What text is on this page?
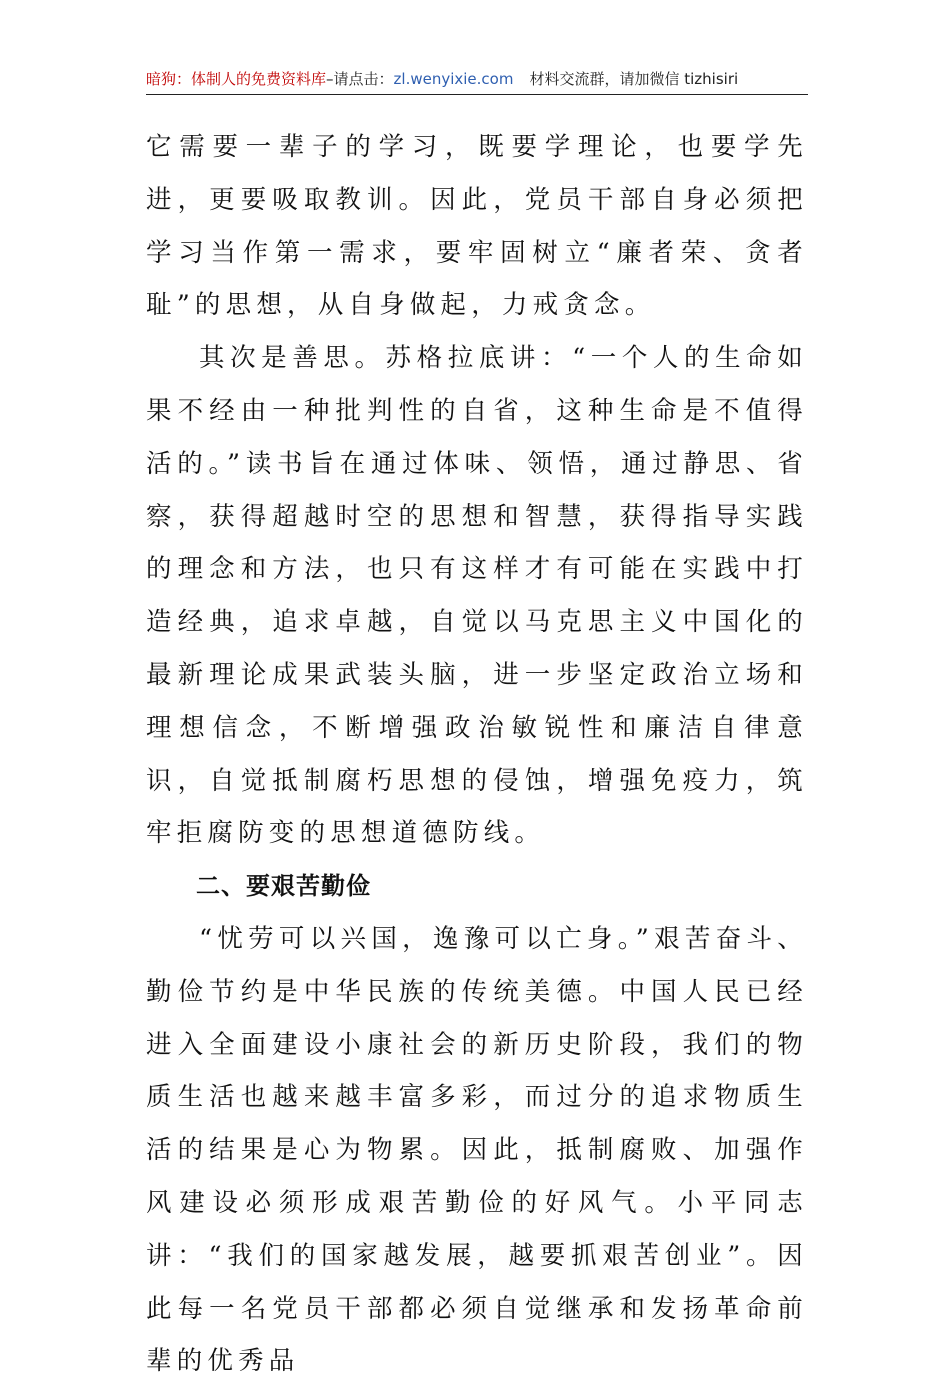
暗狗：体制人的免费资料库–请点击：zl.wenyixie.com 材料交流群，请加微信 tizhisiri

它需要一辈子的学习，既要学理论，也要学先进，更要吸取教训。因此，党员干部自身必须把学习当作第一需求，要牢固树立“廉者荣、贪者耻”的思想，从自身做起，力戒贪念。

其次是善思。苏格拉底讲：“一个人的生命如果不经由一种批判性的自省，这种生命是不值得活的。”读书旨在通过体味、领悟，通过静思、省察，获得超越时空的思想和智慧，获得指导实践的理念和方法，也只有这样才有可能在实践中打造经典，追求卓越，自觉以马克思主义中国化的最新理论成果武装头脑，进一步坚定政治立场和理想信念，不断增强政治敏锐性和廉洁自律意识，自觉抵制腐朽思想的侵蚀，增强免疫力，筑牢拒腐防变的思想道德防线。

二、要艰苦勤俭

“忧劳可以兴国，逸豫可以亡身。”艰苦奋斗、勤俭节约是中华民族的传统美德。中国人民已经进入全面建设小康社会的新历史阶段，我们的物质生活也越来越丰富多彩，而过分的追求物质生活的结果是心为物累。因此，抵制腐败、加强作风建设必须形成艰苦勤俭的好风气。小平同志讲：“我们的国家越发展，越要抓艰苦创业”。因此每一名党员干部都必须自觉继承和发扬革命前辈的优秀品
